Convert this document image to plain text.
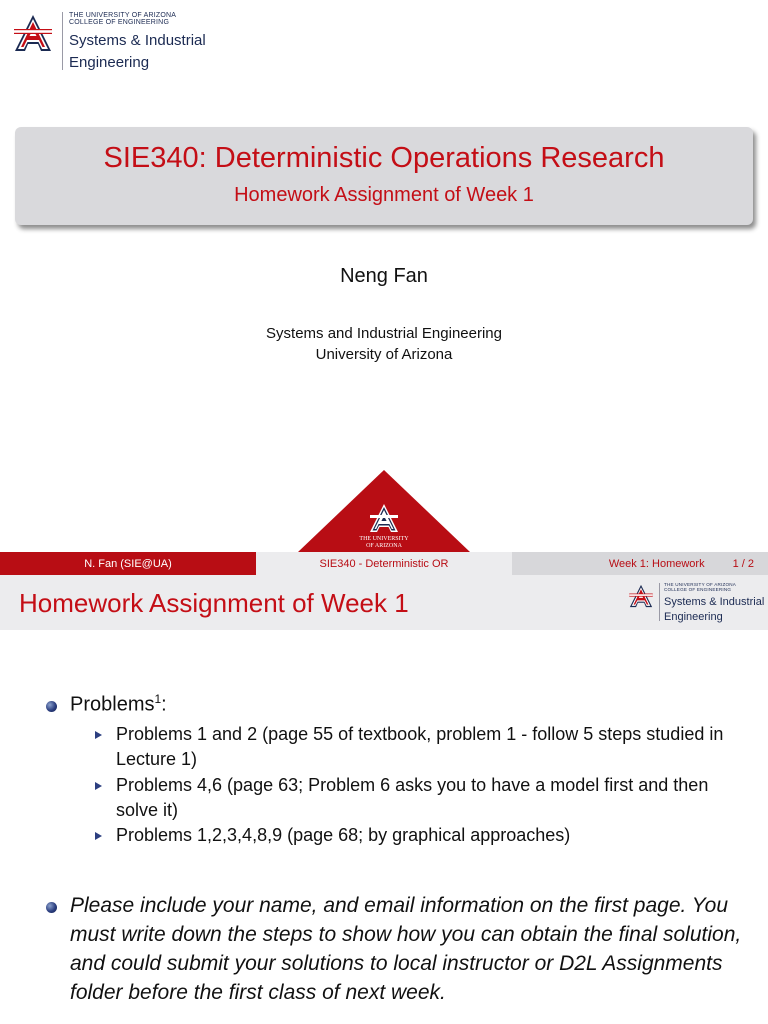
THE UNIVERSITY OF ARIZONA
COLLEGE OF ENGINEERING
Systems & Industrial
Engineering
SIE340: Deterministic Operations Research
Homework Assignment of Week 1
Neng Fan
Systems and Industrial Engineering
University of Arizona
THE UNIVERSITY
OF ARIZONA
N. Fan (SIE@UA)	SIE340 - Deterministic OR	Week 1: Homework	1 / 2
Homework Assignment of Week 1
THE UNIVERSITY OF ARIZONA
COLLEGE OF ENGINEERING
Systems & Industrial
Engineering
Problems$^1$:
Problems 1 and 2 (page 55 of textbook, problem 1 - follow 5 steps studied in Lecture 1)
Problems 4,6 (page 63; Problem 6 asks you to have a model first and then solve it)
Problems 1,2,3,4,8,9 (page 68; by graphical approaches)
Please include your name, and email information on the first page. You must write down the steps to show how you can obtain the final solution, and could submit your solutions to local instructor or D2L Assignments folder before the first class of next week.
